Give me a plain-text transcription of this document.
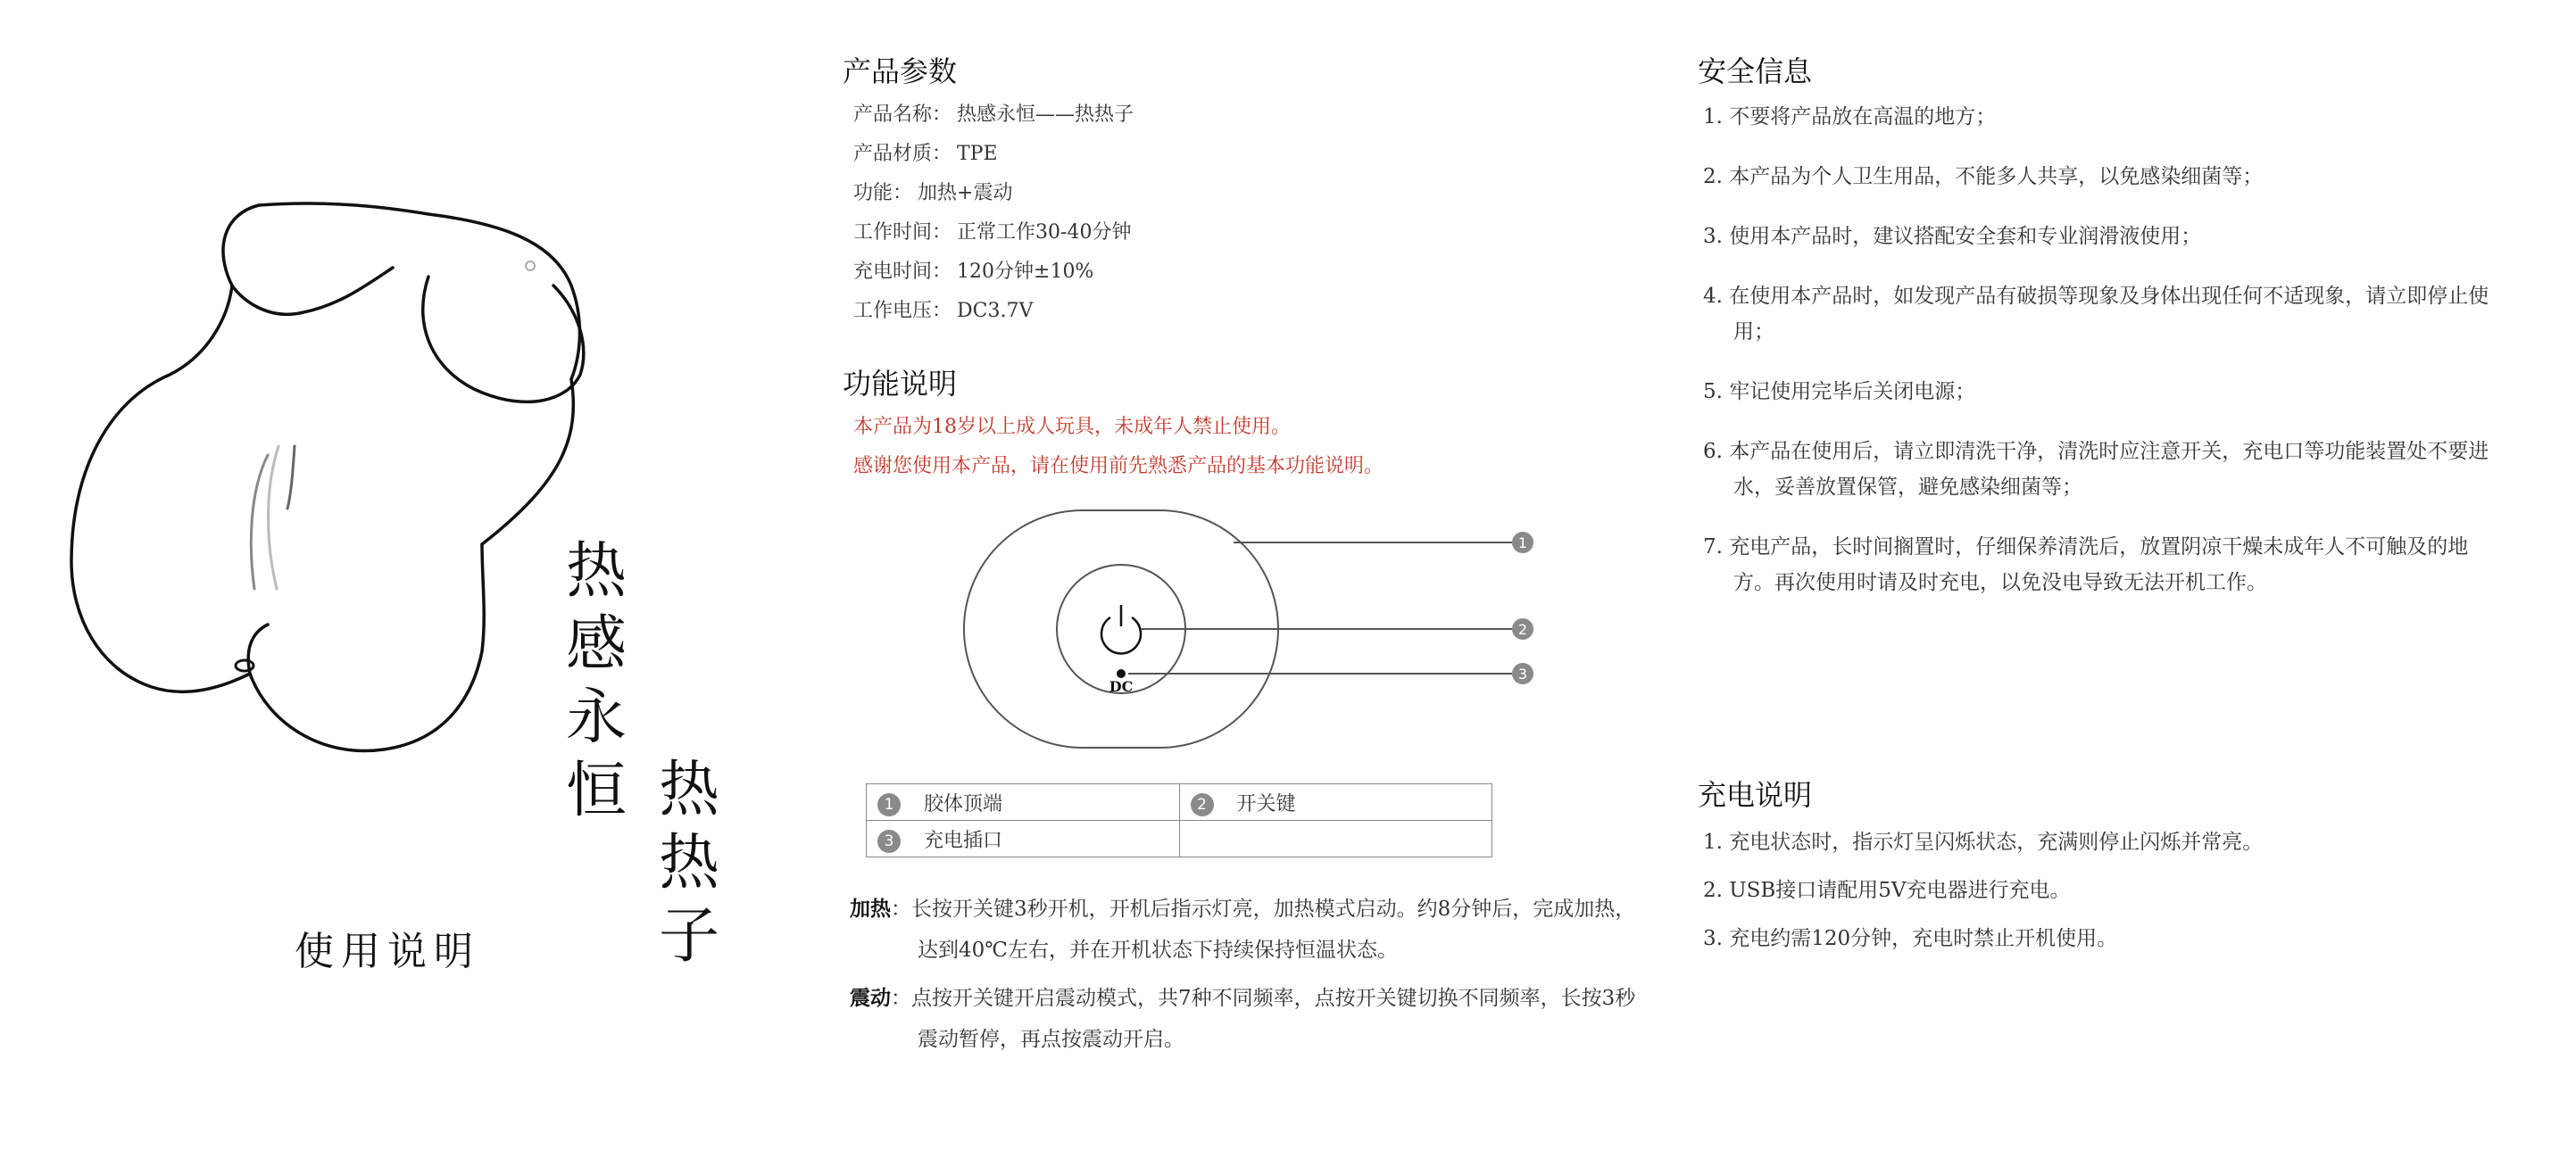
热
感
永
恒 热
热
子
使用说明
产品参数
产品名称： 热感永恒——热热子
产品材质： TPE
功能： 加热+震动
工作时间： 正常工作30-40分钟
充电时间： 120分钟±10%
工作电压： DC3.7V
功能说明
本产品为18岁以上成人玩具，未成年人禁止使用。
感谢您使用本产品，请在使用前先熟悉产品的基本功能说明。
DC
1
2
3
1 胶体顶端	2 开关键
3 充电插口	
加热：长按开关键3秒开机，开机后指示灯亮，加热模式启动。约8分钟后，完成加热，达到40℃左右，并在开机状态下持续保持恒温状态。
震动：点按开关键开启震动模式，共7种不同频率，点按开关键切换不同频率，长按3秒震动暂停，再点按震动开启。
安全信息
1. 不要将产品放在高温的地方；
2. 本产品为个人卫生用品，不能多人共享，以免感染细菌等；
3. 使用本产品时，建议搭配安全套和专业润滑液使用；
4. 在使用本产品时，如发现产品有破损等现象及身体出现任何不适现象，请立即停止使用；
5. 牢记使用完毕后关闭电源；
6. 本产品在使用后，请立即清洗干净，清洗时应注意开关，充电口等功能装置处不要进水，妥善放置保管，避免感染细菌等；
7. 充电产品，长时间搁置时，仔细保养清洗后，放置阴凉干燥未成年人不可触及的地方。再次使用时请及时充电，以免没电导致无法开机工作。
充电说明
1. 充电状态时，指示灯呈闪烁状态，充满则停止闪烁并常亮。
2. USB接口请配用5V充电器进行充电。
3. 充电约需120分钟，充电时禁止开机使用。
